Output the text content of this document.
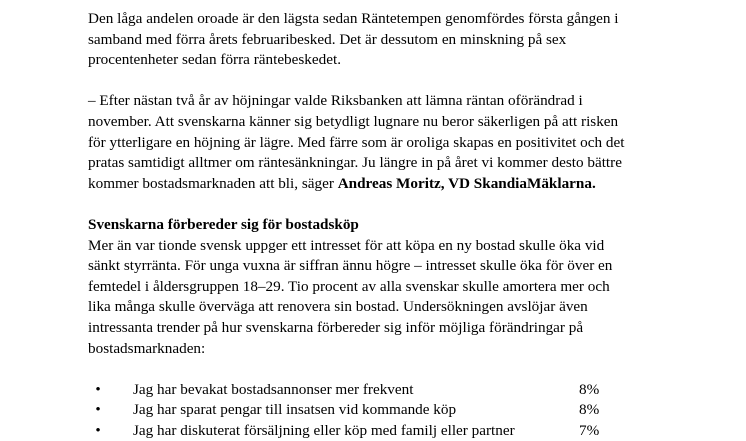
Den låga andelen oroade är den lägsta sedan Räntetempen genomfördes första gången i
samband med förra årets februaribesked. Det är dessutom en minskning på sex
procentenheter sedan förra räntebeskedet.
– Efter nästan två år av höjningar valde Riksbanken att lämna räntan oförändrad i
november. Att svenskarna känner sig betydligt lugnare nu beror säkerligen på att risken
för ytterligare en höjning är lägre. Med färre som är oroliga skapas en positivitet och det
pratas samtidigt alltmer om räntesänkningar. Ju längre in på året vi kommer desto bättre
kommer bostadsmarknaden att bli, säger Andreas Moritz, VD SkandiaMäklarna.
Svenskarna förbereder sig för bostadsköp
Mer än var tionde svensk uppger ett intresset för att köpa en ny bostad skulle öka vid
sänkt styrränta. För unga vuxna är siffran ännu högre – intresset skulle öka för över en
femtedel i åldersgruppen 18–29. Tio procent av alla svenskar skulle amortera mer och
lika många skulle överväga att renovera sin bostad. Undersökningen avslöjar även
intressanta trender på hur svenskarna förbereder sig inför möjliga förändringar på
bostadsmarknaden:
•	Jag har bevakat bostadsannonser mer frekvent	8%
•	Jag har sparat pengar till insatsen vid kommande köp	8%
•	Jag har diskuterat försäljning eller köp med familj eller partner	7%
